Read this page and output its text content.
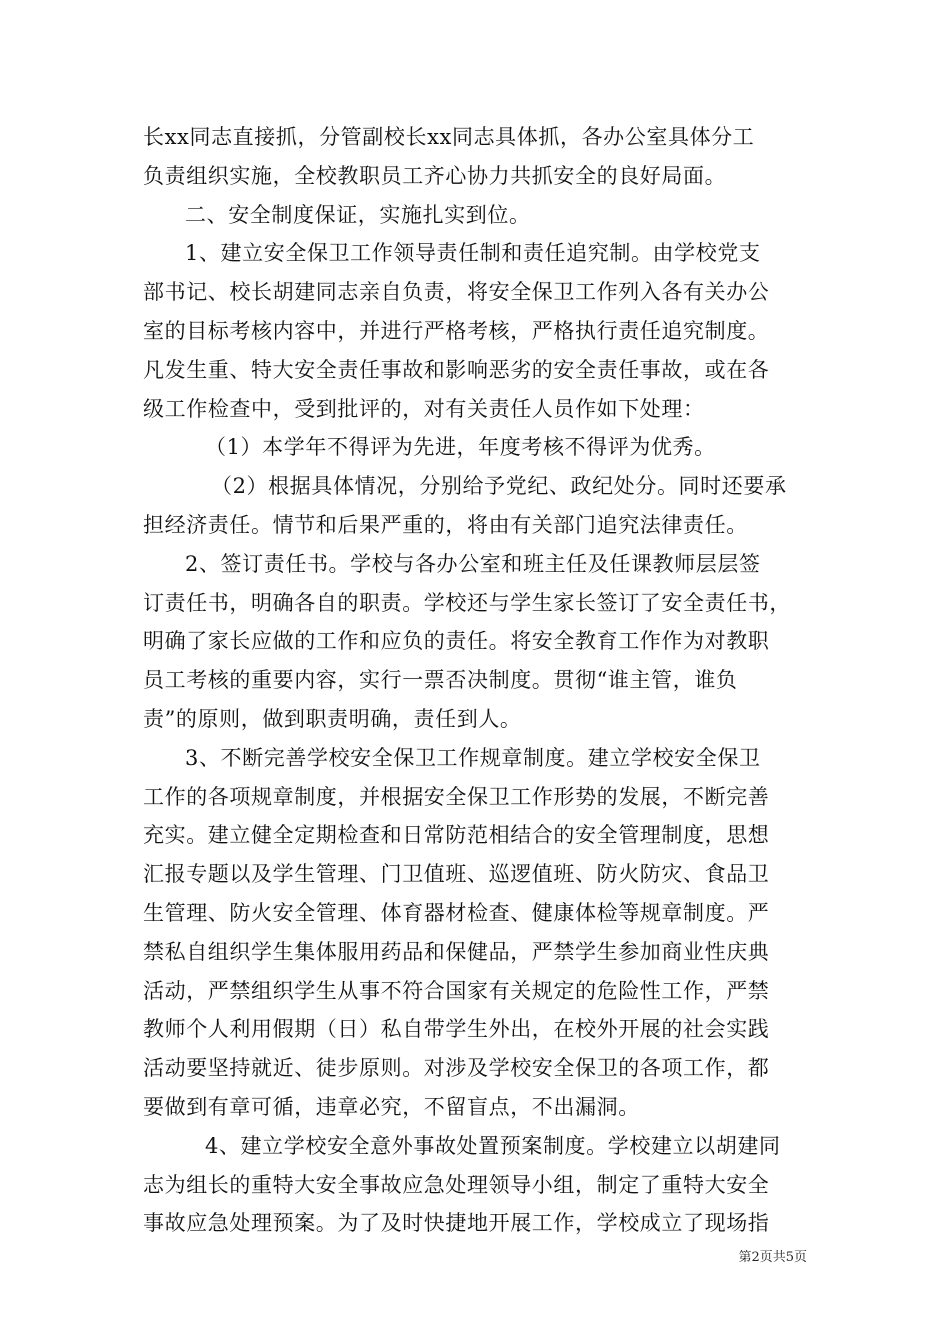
长xx同志直接抓，分管副校长xx同志具体抓，各办公室具体分工
负责组织实施，全校教职员工齐心协力共抓安全的良好局面。
二、安全制度保证，实施扎实到位。
1、建立安全保卫工作领导责任制和责任追究制。由学校党支
部书记、校长胡建同志亲自负责，将安全保卫工作列入各有关办公
室的目标考核内容中，并进行严格考核，严格执行责任追究制度。
凡发生重、特大安全责任事故和影响恶劣的安全责任事故，或在各
级工作检查中，受到批评的，对有关责任人员作如下处理：
（1）本学年不得评为先进，年度考核不得评为优秀。
（2）根据具体情况，分别给予党纪、政纪处分。同时还要承
担经济责任。情节和后果严重的，将由有关部门追究法律责任。
2、签订责任书。学校与各办公室和班主任及任课教师层层签
订责任书，明确各自的职责。学校还与学生家长签订了安全责任书，
明确了家长应做的工作和应负的责任。将安全教育工作作为对教职
员工考核的重要内容，实行一票否决制度。贯彻“谁主管，谁负
责”的原则，做到职责明确，责任到人。
3、不断完善学校安全保卫工作规章制度。建立学校安全保卫
工作的各项规章制度，并根据安全保卫工作形势的发展，不断完善
充实。建立健全定期检查和日常防范相结合的安全管理制度，思想
汇报专题以及学生管理、门卫值班、巡逻值班、防火防灾、食品卫
生管理、防火安全管理、体育器材检查、健康体检等规章制度。严
禁私自组织学生集体服用药品和保健品，严禁学生参加商业性庆典
活动，严禁组织学生从事不符合国家有关规定的危险性工作，严禁
教师个人利用假期（日）私自带学生外出，在校外开展的社会实践
活动要坚持就近、徒步原则。对涉及学校安全保卫的各项工作，都
要做到有章可循，违章必究，不留盲点，不出漏洞。
4、建立学校安全意外事故处置预案制度。学校建立以胡建同
志为组长的重特大安全事故应急处理领导小组，制定了重特大安全
事故应急处理预案。为了及时快捷地开展工作，学校成立了现场指
第2页共5页
